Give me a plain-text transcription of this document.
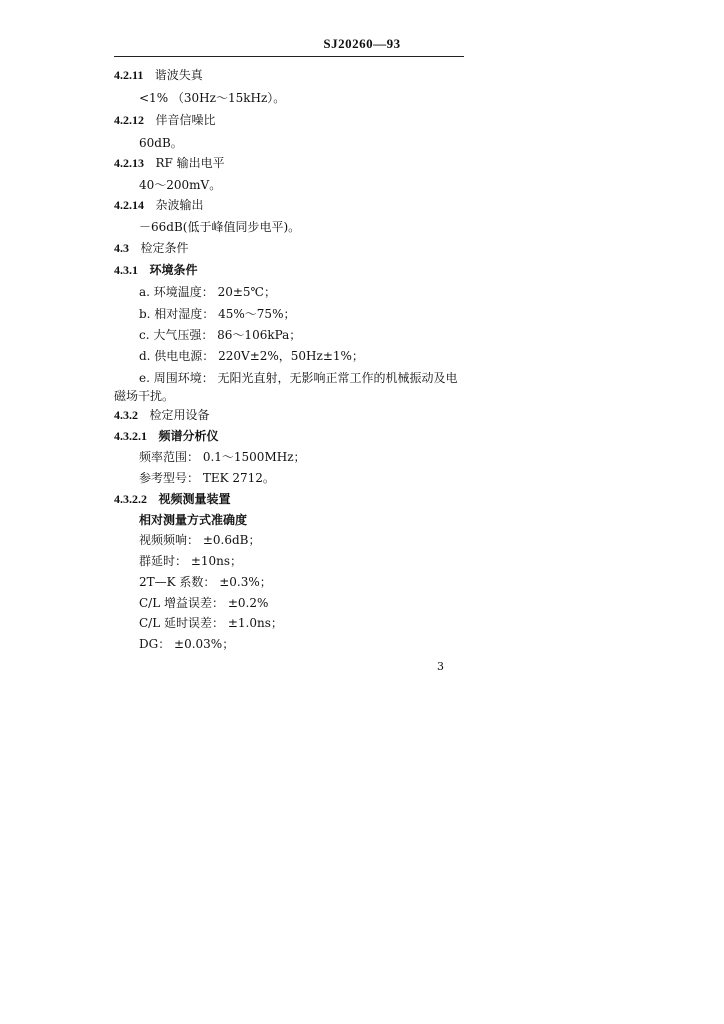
SJ20260—93
4.2.11 谐波失真
<1% （30Hz～15kHz）。
4.2.12 伴音信噪比
60dB。
4.2.13 RF 输出电平
40～200mV。
4.2.14 杂波输出
－66dB(低于峰值同步电平)。
4.3 检定条件
4.3.1 环境条件
a. 环境温度： 20±5℃；
b. 相对湿度： 45%～75%；
c. 大气压强： 86～106kPa；
d. 供电电源： 220V±2%，50Hz±1%；
e. 周围环境： 无阳光直射，无影响正常工作的机械振动及电
磁场干扰。
4.3.2 检定用设备
4.3.2.1 频谱分析仪
频率范围： 0.1～1500MHz；
参考型号： TEK 2712。
4.3.2.2 视频测量装置
相对测量方式准确度
视频频响： ±0.6dB；
群延时： ±10ns；
2T—K 系数： ±0.3%；
C/L 增益误差： ±0.2%
C/L 延时误差： ±1.0ns；
DG： ±0.03%；
3
